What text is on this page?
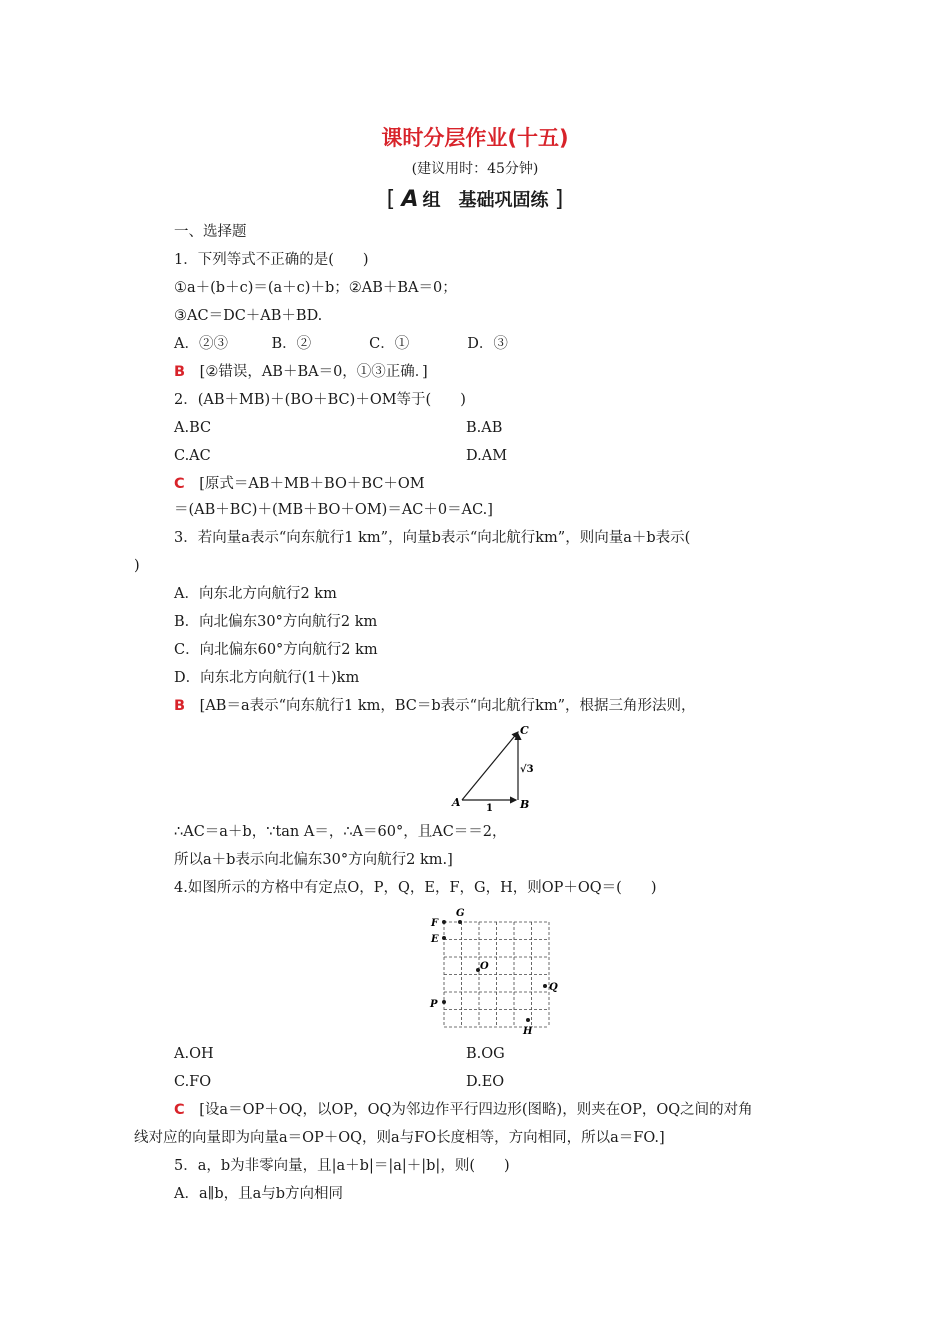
课时分层作业(十五)
(建议用时：45分钟)
[ A 组　基础巩固练 ]
一、选择题
1．下列等式不正确的是(　　)
①a＋(b＋c)＝(a＋c)＋b；②AB＋BA＝0；
③AC＝DC＋AB＋BD.
A．②③　　　B．②　　　　C．①　　　　D．③
B [②错误，AB＋BA＝0，①③正确．]
2．(AB＋MB)＋(BO＋BC)＋OM等于(　　)
A.BC	B.AB
C.AC	D.AM
C [原式＝AB＋MB＋BO＋BC＋OM
＝(AB＋BC)＋(MB＋BO＋OM)＝AC＋0＝AC.]
3．若向量a表示“向东航行1 km”，向量b表示“向北航行km”，则向量a＋b表示(
)
A．向东北方向航行2 km
B．向北偏东30°方向航行2 km
C．向北偏东60°方向航行2 km
D．向东北方向航行(1＋)km
B [AB＝a表示“向东航行1 km，BC＝b表示“向北航行km”，根据三角形法则，
A	B
C
1
√3
∴AC＝a＋b，∵tan A＝，∴A＝60°，且AC＝＝2，
所以a＋b表示向北偏东30°方向航行2 km.]
4.如图所示的方格中有定点O，P，Q，E，F，G，H，则OP＋OQ＝(　　)
F
G
E
O
Q
P
H
A.OH	B.OG
C.FO	D.EO
C [设a＝OP＋OQ，以OP，OQ为邻边作平行四边形(图略)，则夹在OP，OQ之间的对角
线对应的向量即为向量a＝OP＋OQ，则a与FO长度相等，方向相同，所以a＝FO.]
5．a，b为非零向量，且|a＋b|＝|a|＋|b|，则(　　)
A．a∥b，且a与b方向相同
